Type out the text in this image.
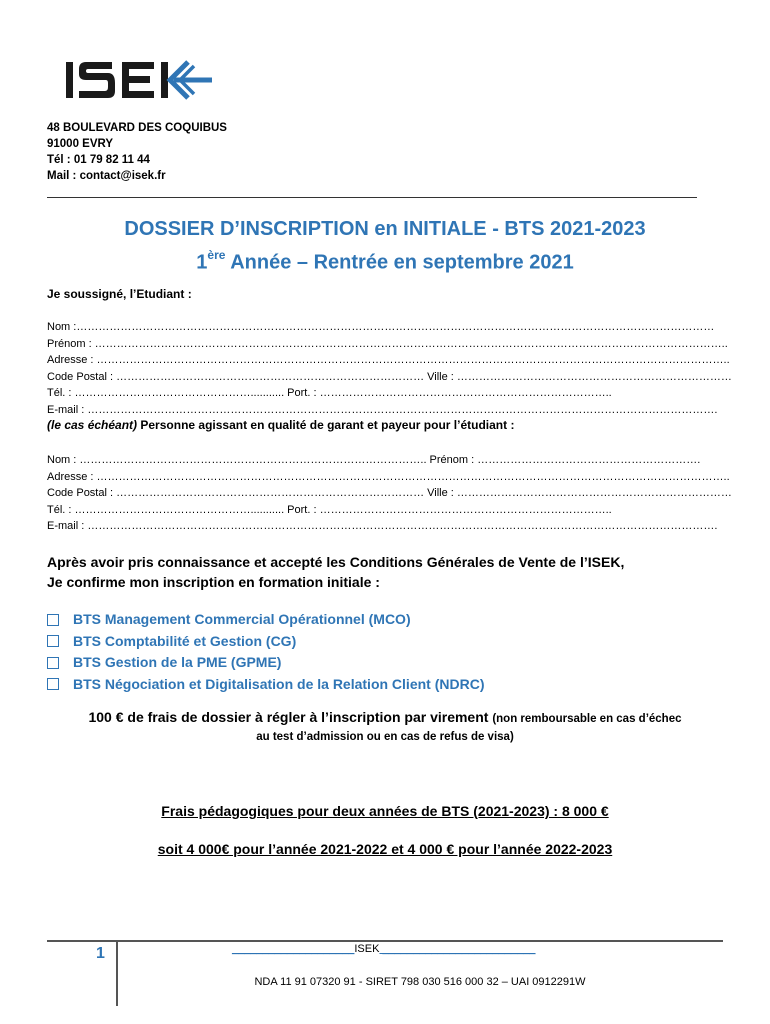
48 BOULEVARD DES COQUIBUS
91000 EVRY
Tél : 01 79 82 11 44
Mail : contact@isek.fr
DOSSIER D’INSCRIPTION en INITIALE - BTS 2021-2023
1ère Année – Rentrée en septembre 2021
Je soussigné, l’Etudiant :
Nom :…………………………………………………………………………………………………………………………………………………………
Prénom : ………………………………………………………………………………………………………………………………………………………..
Adresse : ………………………………………………………………………………………………………………………………………………………..
Code Postal : ………………………………………………………………………… Ville : …………………………………………………………………
Tél. : …………………………………………........... Port. : ……………………………………………………………………..
E-mail : ……………………………………………………………………………………………………………………………………………………….
(le cas échéant) Personne agissant en qualité de garant et payeur pour l’étudiant :
Nom : ………………………………………………………………………………….. Prénom : …………………………………………………….
Adresse : ………………………………………………………………………………………………………………………………………………………..
Code Postal : ………………………………………………………………………… Ville : …………………………………………………………………
Tél. : …………………………………………........... Port. : ……………………………………………………………………..
E-mail : ……………………………………………………………………………………………………………………………………………………….
Après avoir pris connaissance et accepté les Conditions Générales de Vente de l’ISEK,
Je confirme mon inscription en formation initiale :
BTS Management Commercial Opérationnel (MCO)
BTS Comptabilité et Gestion (CG)
BTS Gestion de la PME (GPME)
BTS Négociation et Digitalisation de la Relation Client (NDRC)
100 € de frais de dossier à régler à l’inscription par virement (non remboursable en cas d’échec
au test d’admission ou en cas de refus de visa)
Frais pédagogiques pour deux années de BTS (2021-2023) : 8 000 €
soit 4 000€ pour l’année 2021-2022 et 4 000 € pour l’année 2022-2023
1	____________________ISEK _________________________
NDA 11 91 07320 91 - SIRET 798 030 516 000 32 – UAI 0912291W
